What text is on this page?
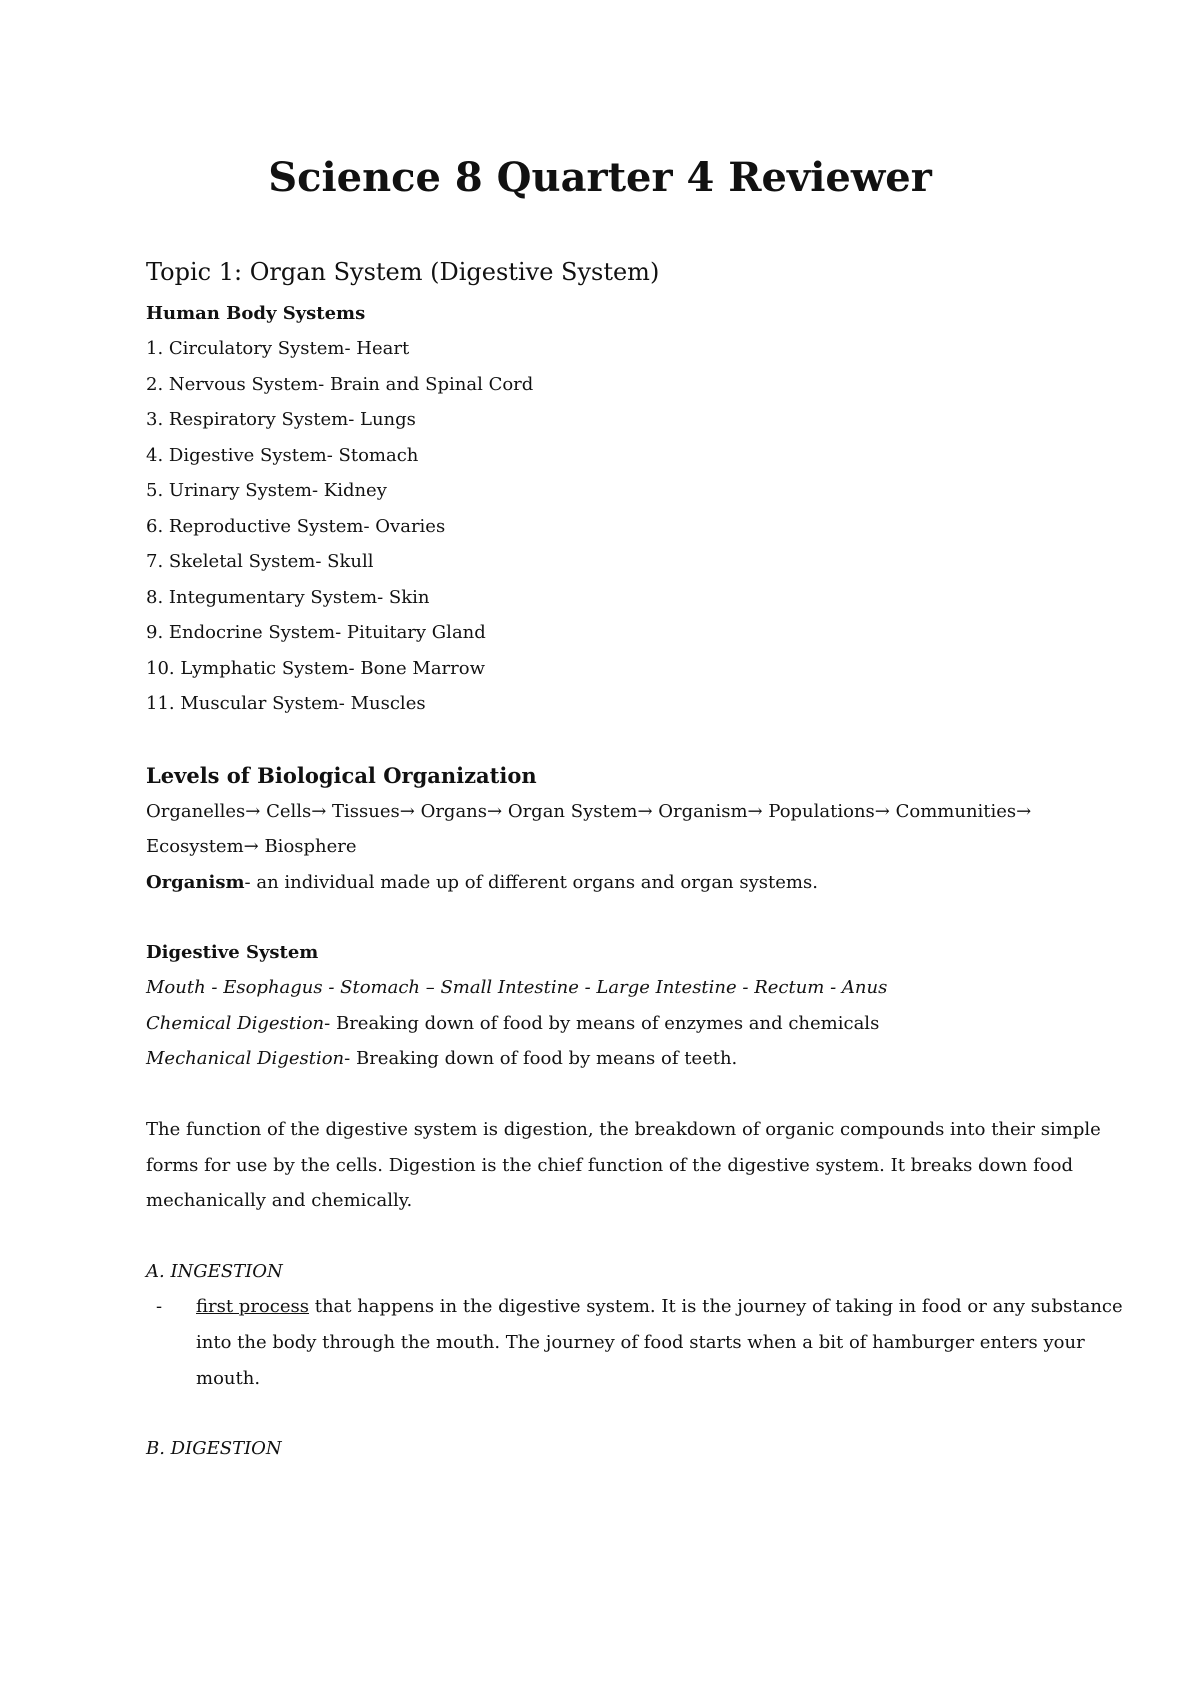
Science 8 Quarter 4 Reviewer
Topic 1: Organ System (Digestive System)
Human Body Systems
1. Circulatory System- Heart
2. Nervous System- Brain and Spinal Cord
3. Respiratory System- Lungs
4. Digestive System- Stomach
5. Urinary System- Kidney
6. Reproductive System- Ovaries
7. Skeletal System- Skull
8. Integumentary System- Skin
9. Endocrine System- Pituitary Gland
10. Lymphatic System- Bone Marrow
11. Muscular System- Muscles
Levels of Biological Organization

Organelles→ Cells→ Tissues→ Organs→ Organ System→ Organism→ Populations→ Communities→ Ecosystem→ Biosphere

Organism- an individual made up of different organs and organ systems.

Digestive System

Mouth - Esophagus - Stomach – Small Intestine - Large Intestine - Rectum - Anus

Chemical Digestion- Breaking down of food by means of enzymes and chemicals

Mechanical Digestion- Breaking down of food by means of teeth.

The function of the digestive system is digestion, the breakdown of organic compounds into their simple forms for use by the cells. Digestion is the chief function of the digestive system. It breaks down food mechanically and chemically.

A. INGESTION

-	first process that happens in the digestive system. It is the journey of taking in food or any substance into the body through the mouth. The journey of food starts when a bit of hamburger enters your mouth.

B. DIGESTION
